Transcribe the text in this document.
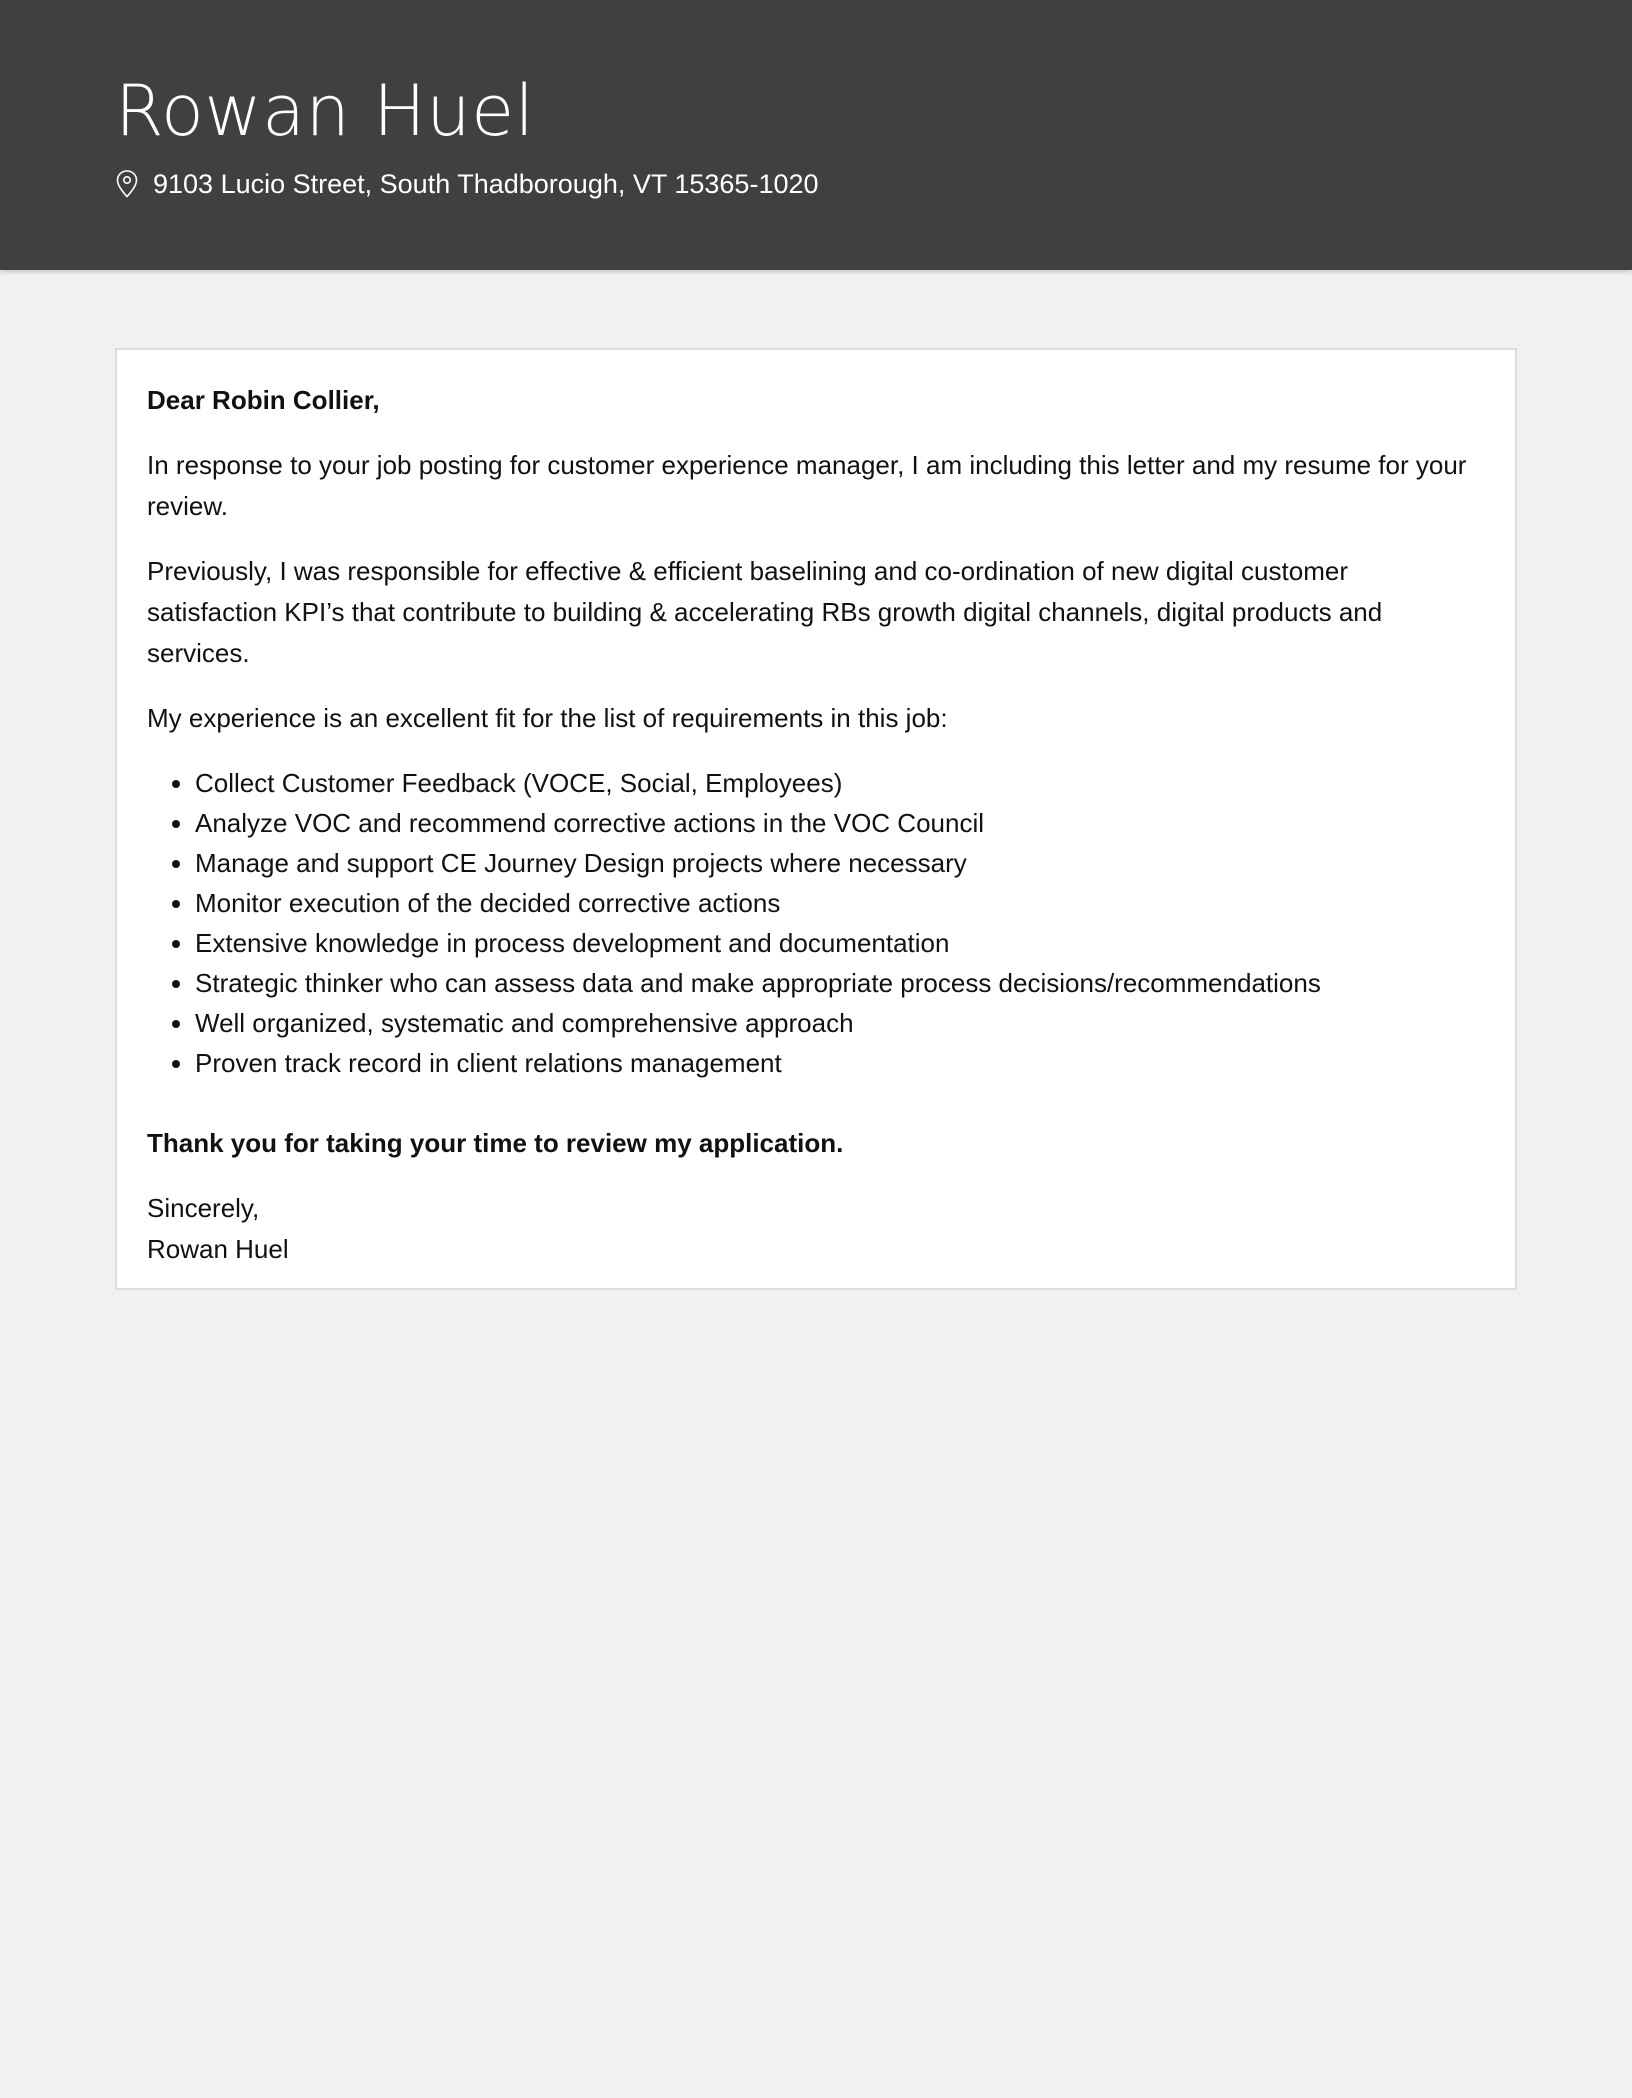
Rowan Huel
9103 Lucio Street, South Thadborough, VT 15365-1020

Dear Robin Collier,

In response to your job posting for customer experience manager, I am including this letter and my resume for your review.

Previously, I was responsible for effective & efficient baselining and co-ordination of new digital customer satisfaction KPI’s that contribute to building & accelerating RBs growth digital channels, digital products and services.

My experience is an excellent fit for the list of requirements in this job:

• Collect Customer Feedback (VOCE, Social, Employees)
• Analyze VOC and recommend corrective actions in the VOC Council
• Manage and support CE Journey Design projects where necessary
• Monitor execution of the decided corrective actions
• Extensive knowledge in process development and documentation
• Strategic thinker who can assess data and make appropriate process decisions/recommendations
• Well organized, systematic and comprehensive approach
• Proven track record in client relations management

Thank you for taking your time to review my application.

Sincerely,

Rowan Huel
